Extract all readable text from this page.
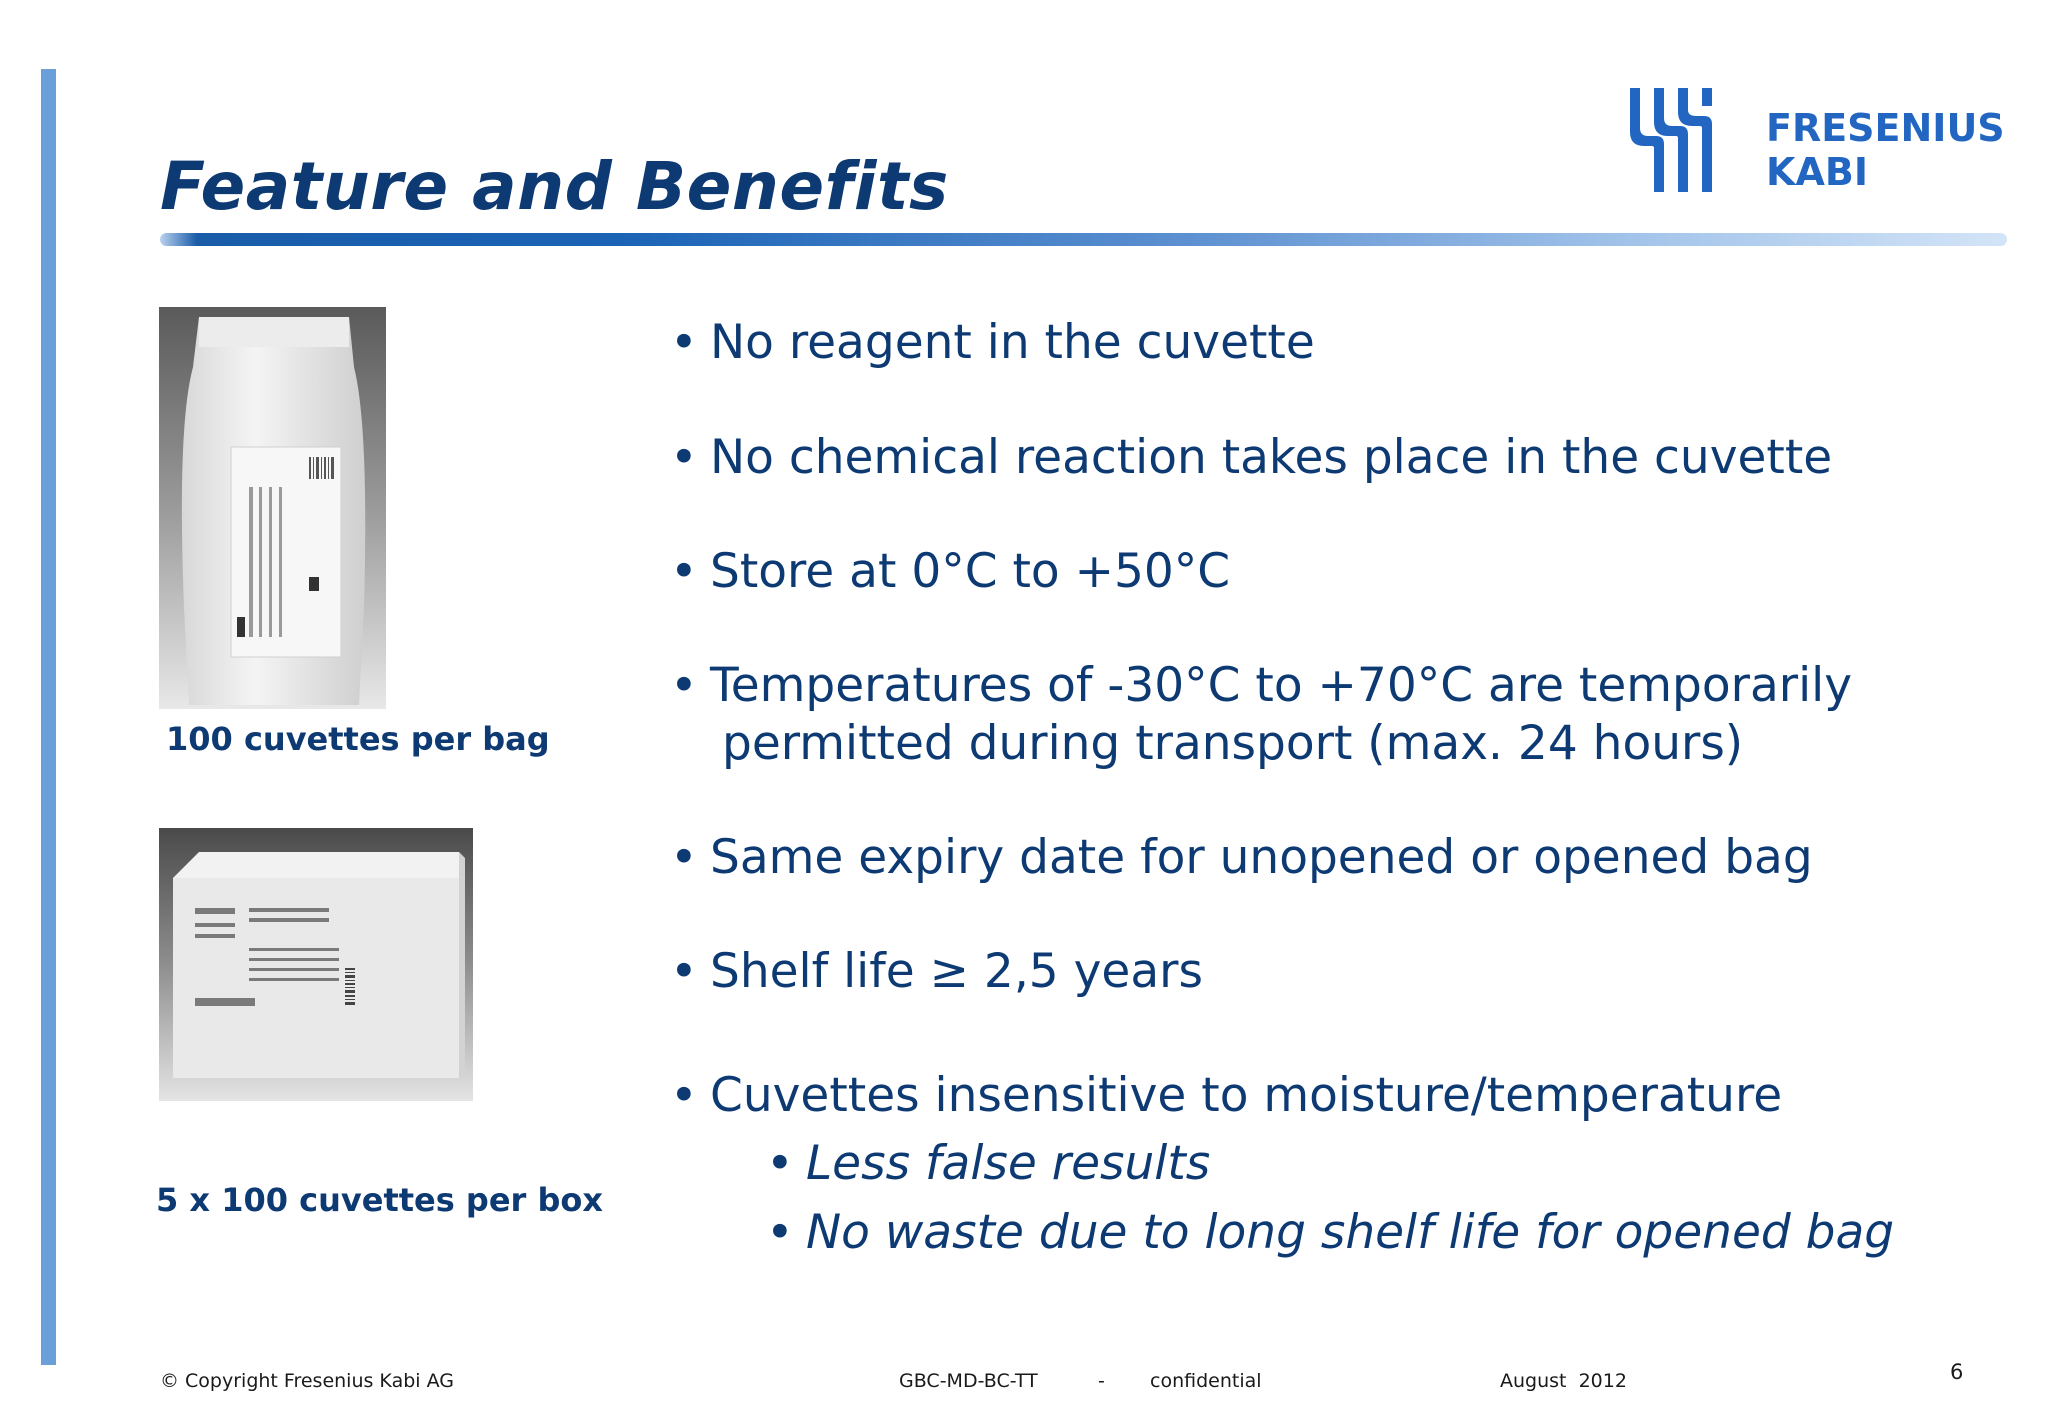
Feature and Benefits
FRESENIUS
KABI
100 cuvettes per bag
5 x 100 cuvettes per box
• No reagent in the cuvette
• No chemical reaction takes place in the cuvette
• Store at 0°C to +50°C
• Temperatures of -30°C to +70°C are temporarily
permitted during transport (max. 24 hours)
• Same expiry date for unopened or opened bag
• Shelf life ≥ 2,5 years
• Cuvettes insensitive to moisture/temperature
• Less false results
• No waste due to long shelf life for opened bag
© Copyright Fresenius Kabi AG	GBC-MD-BC-TT	- confidential	August  2012	6
